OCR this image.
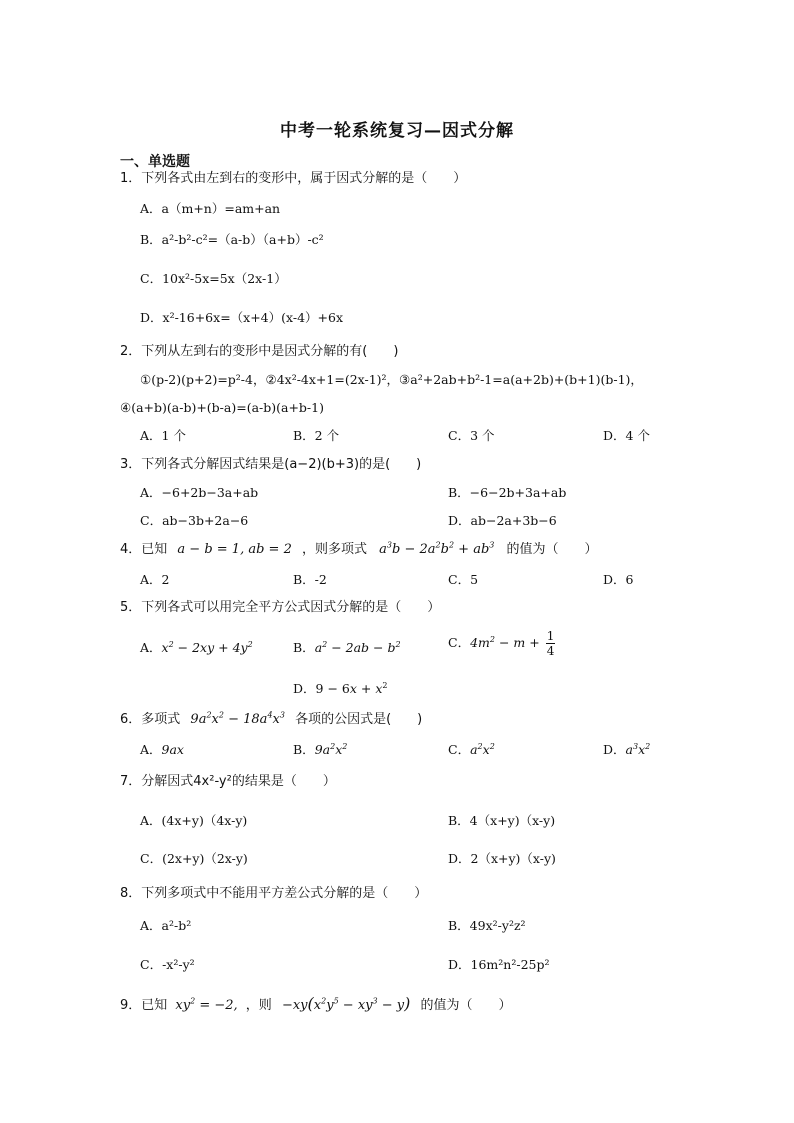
中考一轮系统复习—因式分解
一、单选题
1．下列各式由左到右的变形中，属于因式分解的是（　　）
A．a（m+n）=am+an
B．a²-b²-c²=（a-b）（a+b）-c²
C．10x²-5x=5x（2x-1）
D．x²-16+6x=（x+4）(x-4）+6x
2．下列从左到右的变形中是因式分解的有(　　)
①(p-2)(p+2)=p²-4，②4x²-4x+1=(2x-1)²，③a²+2ab+b²-1=a(a+2b)+(b+1)(b-1)，
④(a+b)(a-b)+(b-a)=(a-b)(a+b-1)
A．1 个	B．2 个	C．3 个	D．4 个
3．下列各式分解因式结果是(a−2)(b+3)的是(　　)
A．−6+2b−3a+ab	B．−6−2b+3a+ab
C．ab−3b+2a−6	D．ab−2a+3b−6
4．已知 a − b = 1, ab = 2 ，则多项式 $a^3b - 2a^2b^2 + ab^3$ 的值为（　　）
A．2	B．-2	C．5	D．6
5．下列各式可以用完全平方公式因式分解的是（　　）
A．$x^2 - 2xy + 4y^2$	B．$a^2 - 2ab - b^2$	C．$4m^2 - m + \frac{1}{4}$
D．$9 - 6x + x^2$
6．多项式 $9a^2x^2 - 18a^4x^3$ 各项的公因式是(　　)
A．9ax	B．$9a^2x^2$	C．$a^2x^2$	D．$a^3x^2$
7．分解因式4x²-y²的结果是（　　）
A．(4x+y)（4x-y)	B．4（x+y)（x-y)
C．(2x+y)（2x-y)	D．2（x+y)（x-y)
8．下列多项式中不能用平方差公式分解的是（　　）
A．a²-b²	B．49x²-y²z²
C．-x²-y²	D．16m²n²-25p²
9．已知 $xy^2 = -2$, ，则 $-xy(x^2y^5 - xy^3 - y)$ 的值为（　　）
